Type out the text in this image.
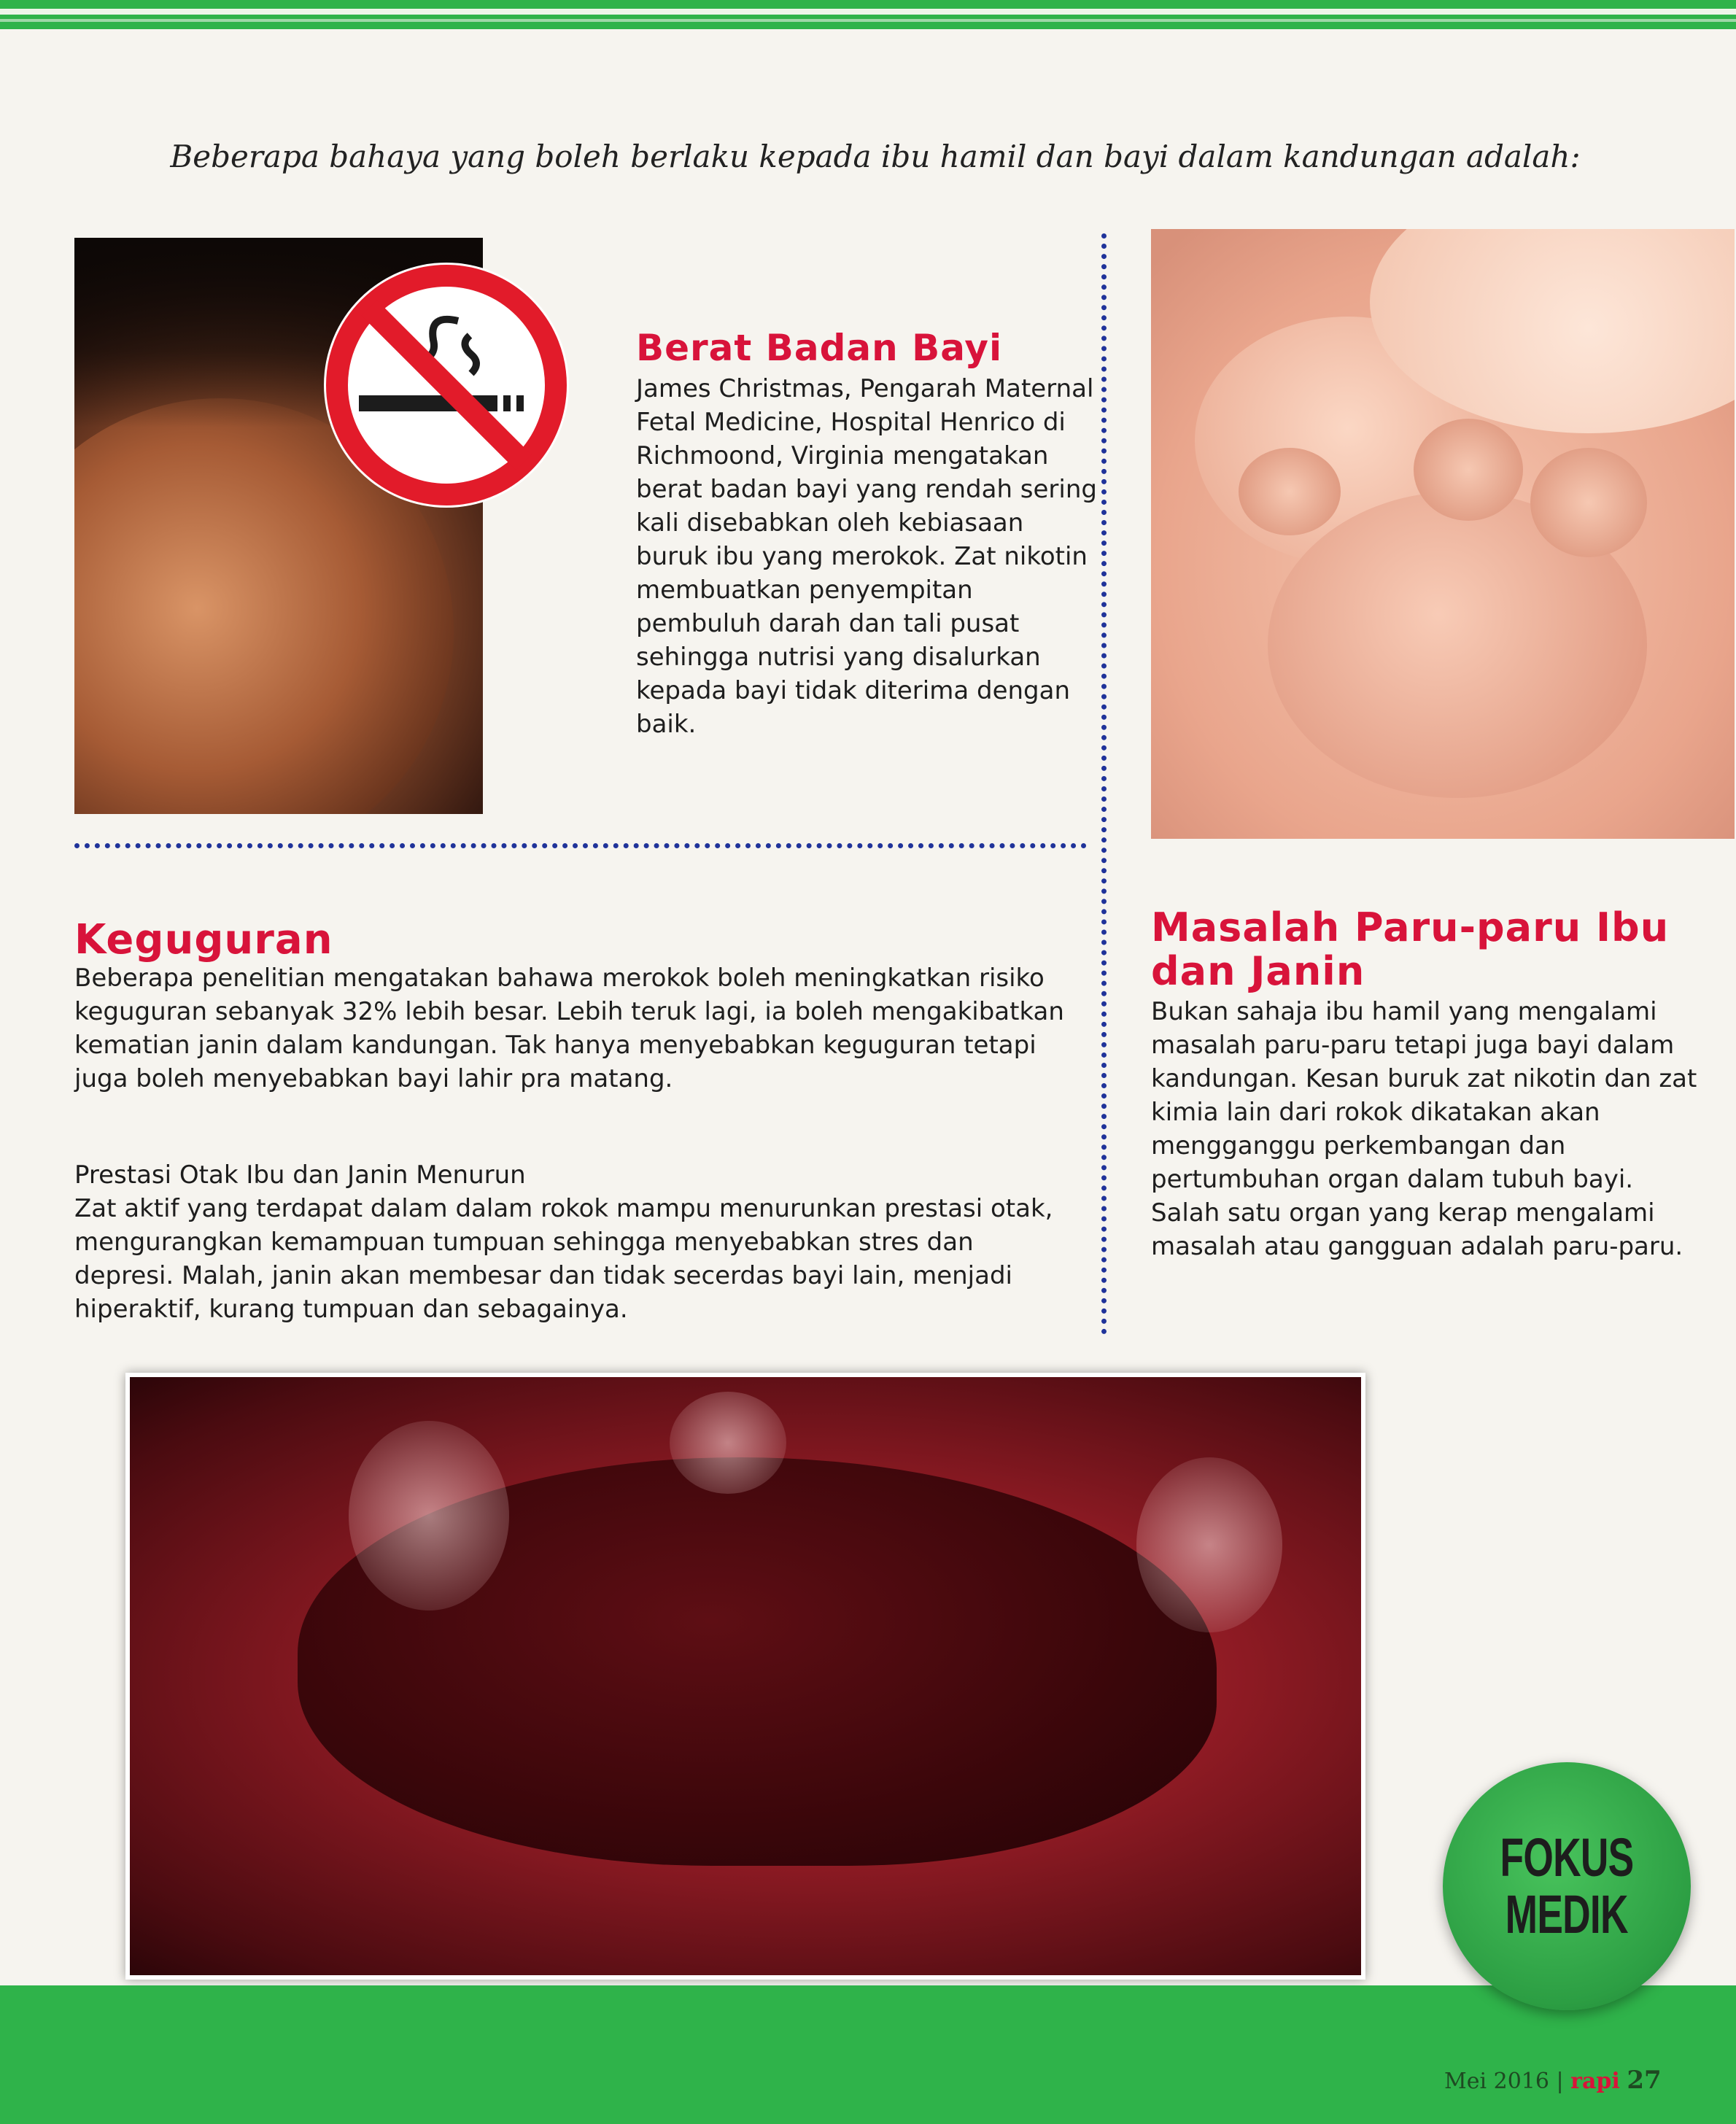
Beberapa bahaya yang boleh berlaku kepada ibu hamil dan bayi dalam kandungan adalah:
Berat Badan Bayi
James Christmas, Pengarah Maternal Fetal Medicine, Hospital Henrico di Richmoond, Virginia mengatakan berat badan bayi yang rendah sering kali disebabkan oleh kebiasaan buruk ibu yang merokok. Zat nikotin membuatkan penyempitan pembuluh darah dan tali pusat sehingga nutrisi yang disalurkan kepada bayi tidak diterima dengan baik.
Keguguran
Beberapa penelitian mengatakan bahawa merokok boleh meningkatkan risiko keguguran sebanyak 32% lebih besar. Lebih teruk lagi, ia boleh mengakibatkan kematian janin dalam kandungan. Tak hanya menyebabkan keguguran tetapi juga boleh menyebabkan bayi lahir pra matang.
Prestasi Otak Ibu dan Janin Menurun
Zat aktif yang terdapat dalam dalam rokok mampu menurunkan prestasi otak, mengurangkan kemampuan tumpuan sehingga menyebabkan stres dan depresi. Malah, janin akan membesar dan tidak secerdas bayi lain, menjadi hiperaktif, kurang tumpuan dan sebagainya.
Masalah Paru-paru Ibu dan Janin
Bukan sahaja ibu hamil yang mengalami masalah paru-paru tetapi juga bayi dalam kandungan. Kesan buruk zat nikotin dan zat kimia lain dari rokok dikatakan akan mengganggu perkembangan dan pertumbuhan organ dalam tubuh bayi. Salah satu organ yang kerap mengalami masalah atau gangguan adalah paru-paru.
FOKUS
MEDIK
Mei 2016 | rapi 27
